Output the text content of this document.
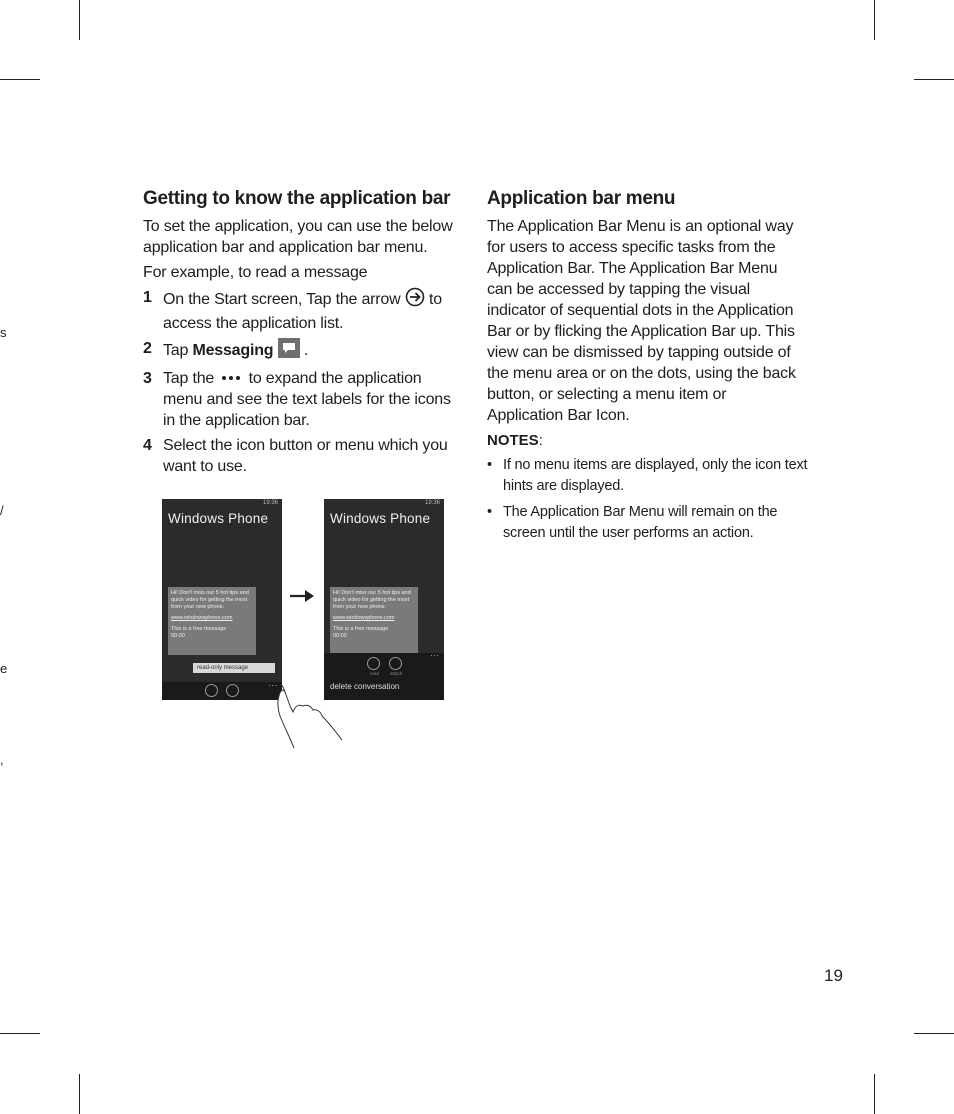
s
/
e
,
Getting to know the application bar

To set the application, you can use the below application bar and application bar menu.

For example, to read a message

1 On the Start screen, Tap the arrow to access the application list.
2 Tap Messaging .
3 Tap the to expand the application menu and see the text labels for the icons in the application bar.
4 Select the icon button or menu which you want to use.
19:36
Windows Phone
Hi! Don't miss our 5 hot tips and quick video for getting the most from your new phone.
www.windowsphone.com
This is a free message
00:00
read-only message
...
19:36
Windows Phone
Hi! Don't miss our 5 hot tips and quick video for getting the most from your new phone.
www.windowsphone.com
This is a free message
00:00
read attach
...
delete conversation
Application bar menu

The Application Bar Menu is an optional way for users to access specific tasks from the Application Bar. The Application Bar Menu can be accessed by tapping the visual indicator of sequential dots in the Application Bar or by flicking the Application Bar up. This view can be dismissed by tapping outside of the menu area or on the dots, using the back button, or selecting a menu item or Application Bar Icon.

NOTES:
• If no menu items are displayed, only the icon text hints are displayed.
• The Application Bar Menu will remain on the screen until the user performs an action.
19
